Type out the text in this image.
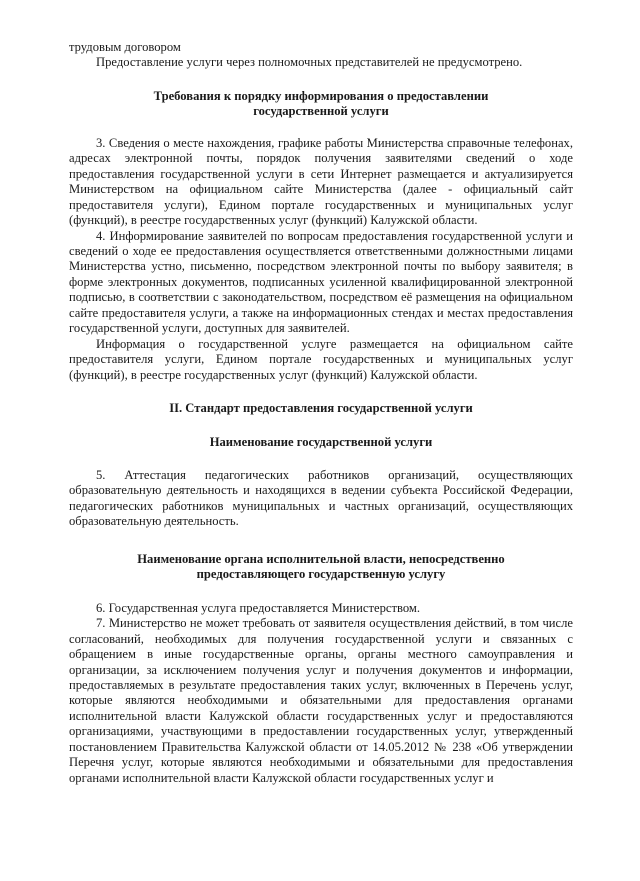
трудовым договором

Предоставление услуги через полномочных представителей не предусмотрено.

Требования к порядку информирования о предоставлении

государственной услуги

3. Сведения о месте нахождения, графике работы Министерства справочные телефонах, адресах электронной почты, порядок получения заявителями сведений о ходе предоставления государственной услуги в сети Интернет размещается и актуализируется Министерством на официальном сайте Министерства (далее - официальный сайт предоставителя услуги), Едином портале государственных и муниципальных услуг (функций), в реестре государственных услуг (функций) Калужской области.

4. Информирование заявителей по вопросам предоставления государственной услуги и сведений о ходе ее предоставления осуществляется ответственными должностными лицами Министерства устно, письменно, посредством электронной почты по выбору заявителя; в форме электронных документов, подписанных усиленной квалифицированной электронной подписью, в соответствии с законодательством, посредством её размещения на официальном сайте предоставителя услуги, а также на информационных стендах и местах предоставления государственной услуги, доступных для заявителей.

Информация о государственной услуге размещается на официальном сайте предоставителя услуги, Едином портале государственных и муниципальных услуг (функций), в реестре государственных услуг (функций) Калужской области.

II. Стандарт предоставления государственной услуги

Наименование государственной услуги

5. Аттестация педагогических работников организаций, осуществляющих образовательную деятельность и находящихся в ведении субъекта Российской Федерации, педагогических работников муниципальных и частных организаций, осуществляющих образовательную деятельность.

Наименование органа исполнительной власти, непосредственно

предоставляющего государственную услугу

6. Государственная услуга предоставляется Министерством.

7. Министерство не может требовать от заявителя осуществления действий, в том числе согласований, необходимых для получения государственной услуги и связанных с обращением в иные государственные органы, органы местного самоуправления и организации, за исключением получения услуг и получения документов и информации, предоставляемых в результате предоставления таких услуг, включенных в Перечень услуг, которые являются необходимыми и обязательными для предоставления органами исполнительной власти Калужской области государственных услуг и предоставляются организациями, участвующими в предоставлении государственных услуг, утвержденный постановлением Правительства Калужской области от 14.05.2012 № 238 «Об утверждении Перечня услуг, которые являются необходимыми и обязательными для предоставления органами исполнительной власти Калужской области государственных услуг и
